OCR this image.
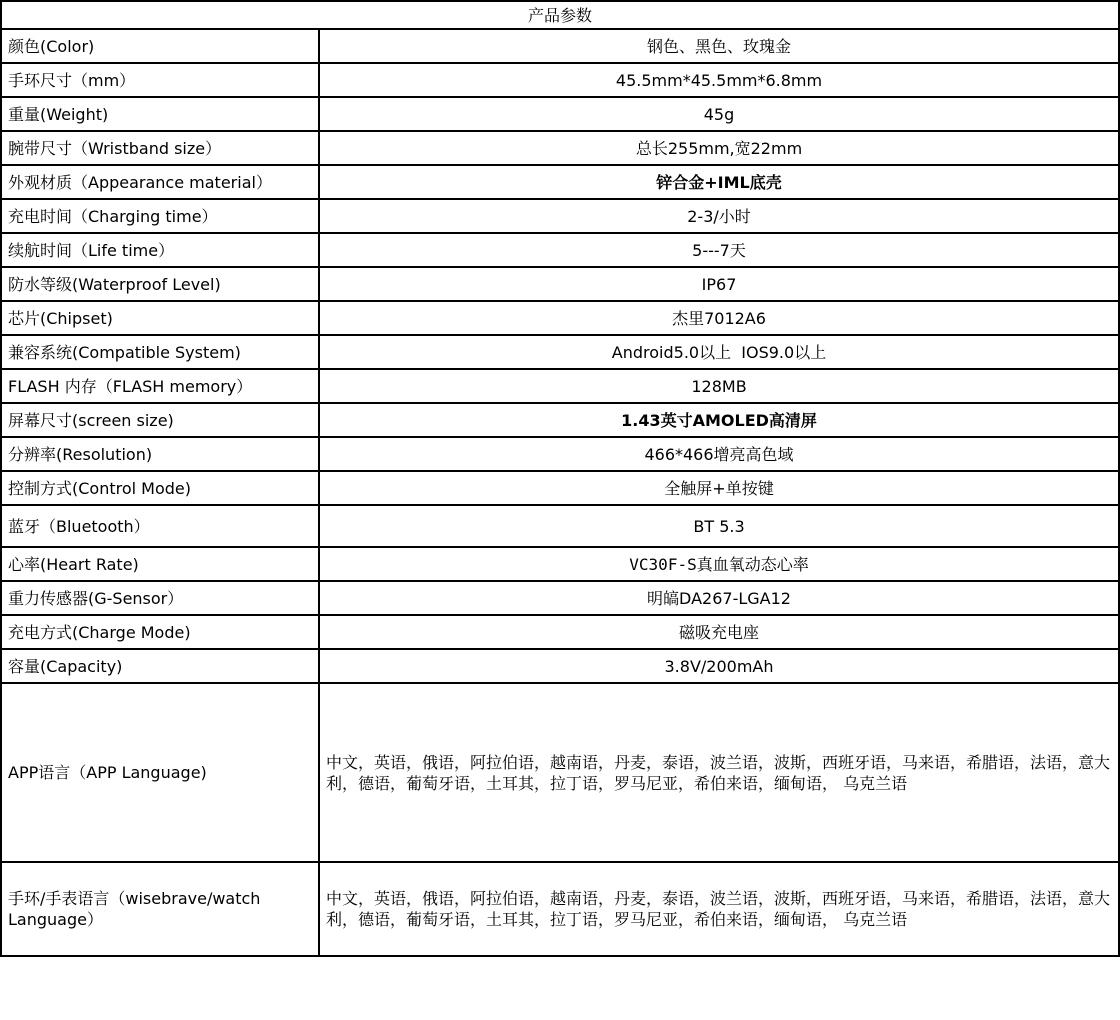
产品参数	
颜色(Color)	钢色、黑色、玫瑰金
手环尺寸（mm）	45.5mm*45.5mm*6.8mm
重量(Weight)	45g
腕带尺寸（Wristband size）	总长255mm,宽22mm
外观材质（Appearance material）	锌合金+IML底壳
充电时间（Charging time）	2-3/小时
续航时间（Life time）	5---7天
防水等级(Waterproof Level)	IP67
芯片(Chipset)	杰里7012A6
兼容系统(Compatible System)	Android5.0以上  IOS9.0以上
FLASH 内存（FLASH memory）	128MB
屏幕尺寸(screen size)	1.43英寸AMOLED高清屏
分辨率(Resolution)	466*466增亮高色域
控制方式(Control Mode)	全触屏+单按键
蓝牙（Bluetooth）	BT 5.3
心率(Heart Rate)	VC30F-S真血氧动态心率
重力传感器(G-Sensor）	明皜DA267-LGA12
充电方式(Charge Mode)	磁吸充电座
容量(Capacity)	3.8V/200mAh
APP语言（APP Language)	中文，英语，俄语，阿拉伯语，越南语，丹麦，泰语，波兰语，波斯，西班牙语，马来语，希腊语，法语，意大利，德语，葡萄牙语，土耳其，拉丁语，罗马尼亚，希伯来语，缅甸语， 乌克兰语
手环/手表语言（wisebrave/watch Language）	中文，英语，俄语，阿拉伯语，越南语，丹麦，泰语，波兰语，波斯，西班牙语，马来语，希腊语，法语，意大利，德语，葡萄牙语，土耳其，拉丁语，罗马尼亚，希伯来语，缅甸语， 乌克兰语
